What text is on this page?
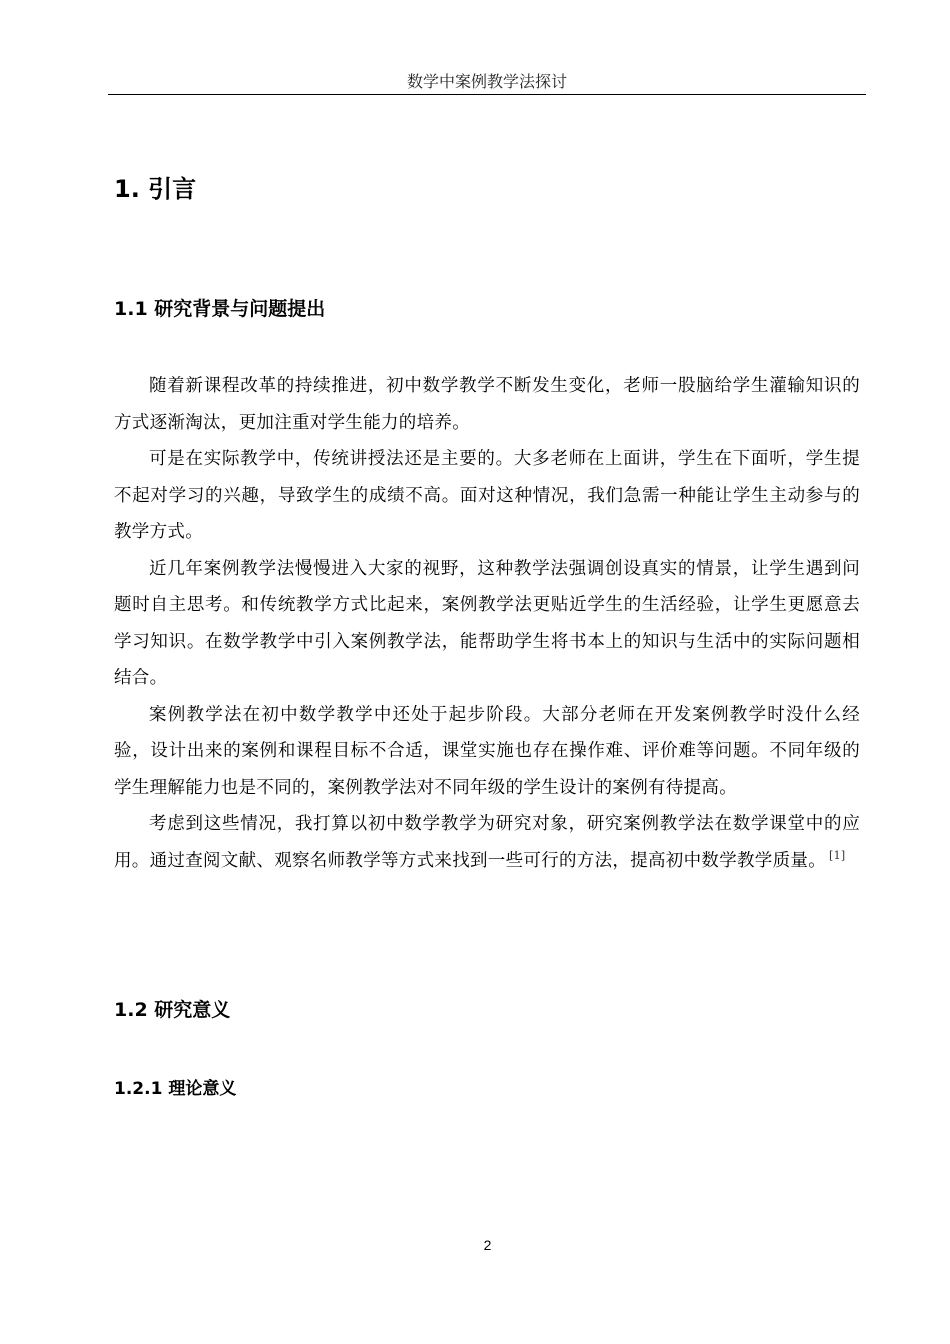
数学中案例教学法探讨
1. 引言
1.1 研究背景与问题提出

随着新课程改革的持续推进，初中数学教学不断发生变化，老师一股脑给学生灌输知识的方式逐渐淘汰，更加注重对学生能力的培养。

可是在实际教学中，传统讲授法还是主要的。大多老师在上面讲，学生在下面听，学生提不起对学习的兴趣，导致学生的成绩不高。面对这种情况，我们急需一种能让学生主动参与的教学方式。

近几年案例教学法慢慢进入大家的视野，这种教学法强调创设真实的情景，让学生遇到问题时自主思考。和传统教学方式比起来，案例教学法更贴近学生的生活经验，让学生更愿意去学习知识。在数学教学中引入案例教学法，能帮助学生将书本上的知识与生活中的实际问题相结合。

案例教学法在初中数学教学中还处于起步阶段。大部分老师在开发案例教学时没什么经验，设计出来的案例和课程目标不合适，课堂实施也存在操作难、评价难等问题。不同年级的学生理解能力也是不同的，案例教学法对不同年级的学生设计的案例有待提高。

考虑到这些情况，我打算以初中数学教学为研究对象，研究案例教学法在数学课堂中的应用。通过查阅文献、观察名师教学等方式来找到一些可行的方法，提高初中数学教学质量。 [1]

1.2 研究意义
1.2.1 理论意义
2
